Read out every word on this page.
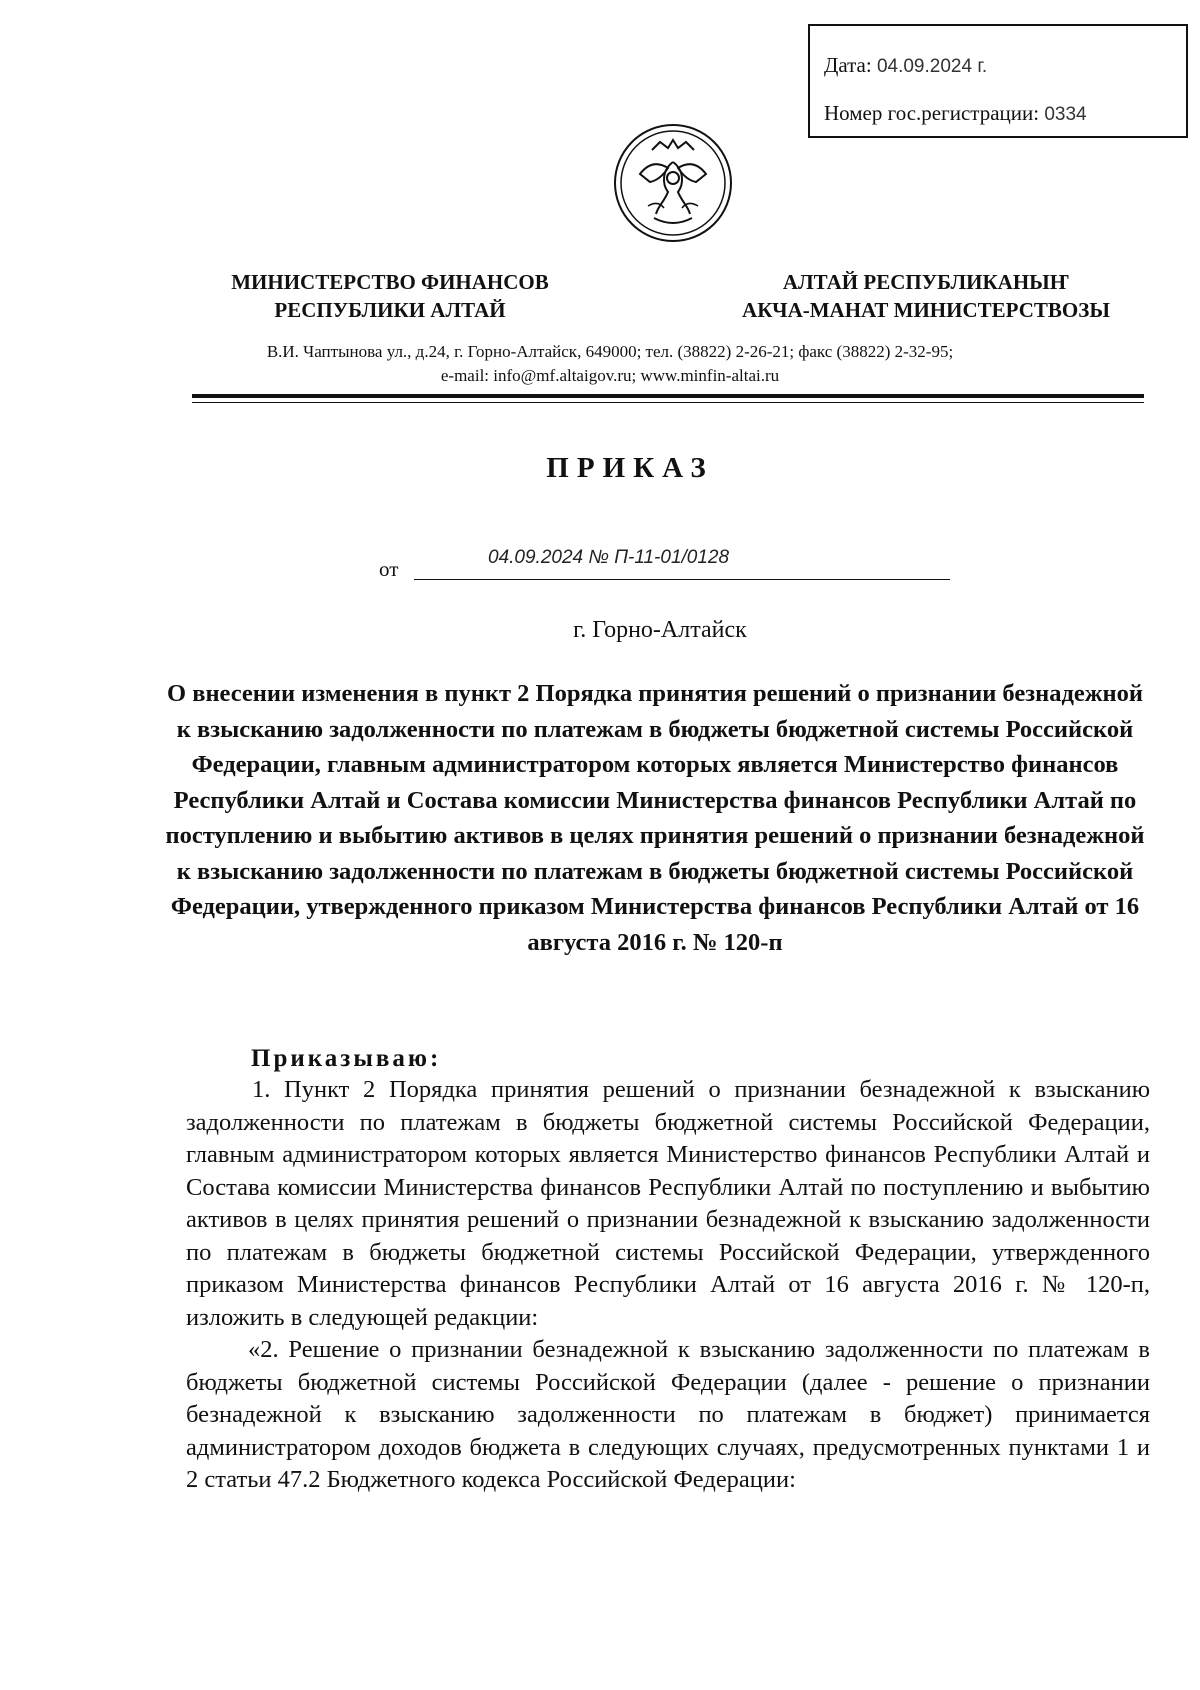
Дата: 04.09.2024 г.
Номер гос.регистрации: 0334
МИНИСТЕРСТВО ФИНАНСОВ
РЕСПУБЛИКИ АЛТАЙ
АЛТАЙ РЕСПУБЛИКАНЫҤ
АКЧА-МАНАТ МИНИСТЕРСТВОЗЫ
В.И. Чаптынова ул., д.24, г. Горно-Алтайск, 649000; тел. (38822) 2-26-21; факс (38822) 2-32-95;
e-mail: info@mf.altaigov.ru; www.minfin-altai.ru
ПРИКАЗ
от	04.09.2024 № П-11-01/0128
г. Горно-Алтайск
О внесении изменения в пункт 2 Порядка принятия решений о признании безнадежной к взысканию задолженности по платежам в бюджеты бюджетной системы Российской Федерации, главным администратором которых является Министерство финансов Республики Алтай и Состава комиссии Министерства финансов Республики Алтай по поступлению и выбытию активов в целях принятия решений о признании безнадежной к взысканию задолженности по платежам в бюджеты бюджетной системы Российской Федерации, утвержденного приказом Министерства финансов Республики Алтай от 16 августа 2016 г. № 120-п
Приказываю:

1. Пункт 2 Порядка принятия решений о признании безнадежной к взысканию задолженности по платежам в бюджеты бюджетной системы Российской Федерации, главным администратором которых является Министерство финансов Республики Алтай и Состава комиссии Министерства финансов Республики Алтай по поступлению и выбытию активов в целях принятия решений о признании безнадежной к взысканию задолженности по платежам в бюджеты бюджетной системы Российской Федерации, утвержденного приказом Министерства финансов Республики Алтай от 16 августа 2016 г. № 120-п, изложить в следующей редакции:

«2. Решение о признании безнадежной к взысканию задолженности по платежам в бюджеты бюджетной системы Российской Федерации (далее - решение о признании безнадежной к взысканию задолженности по платежам в бюджет) принимается администратором доходов бюджета в следующих случаях, предусмотренных пунктами 1 и 2 статьи 47.2 Бюджетного кодекса Российской Федерации:
